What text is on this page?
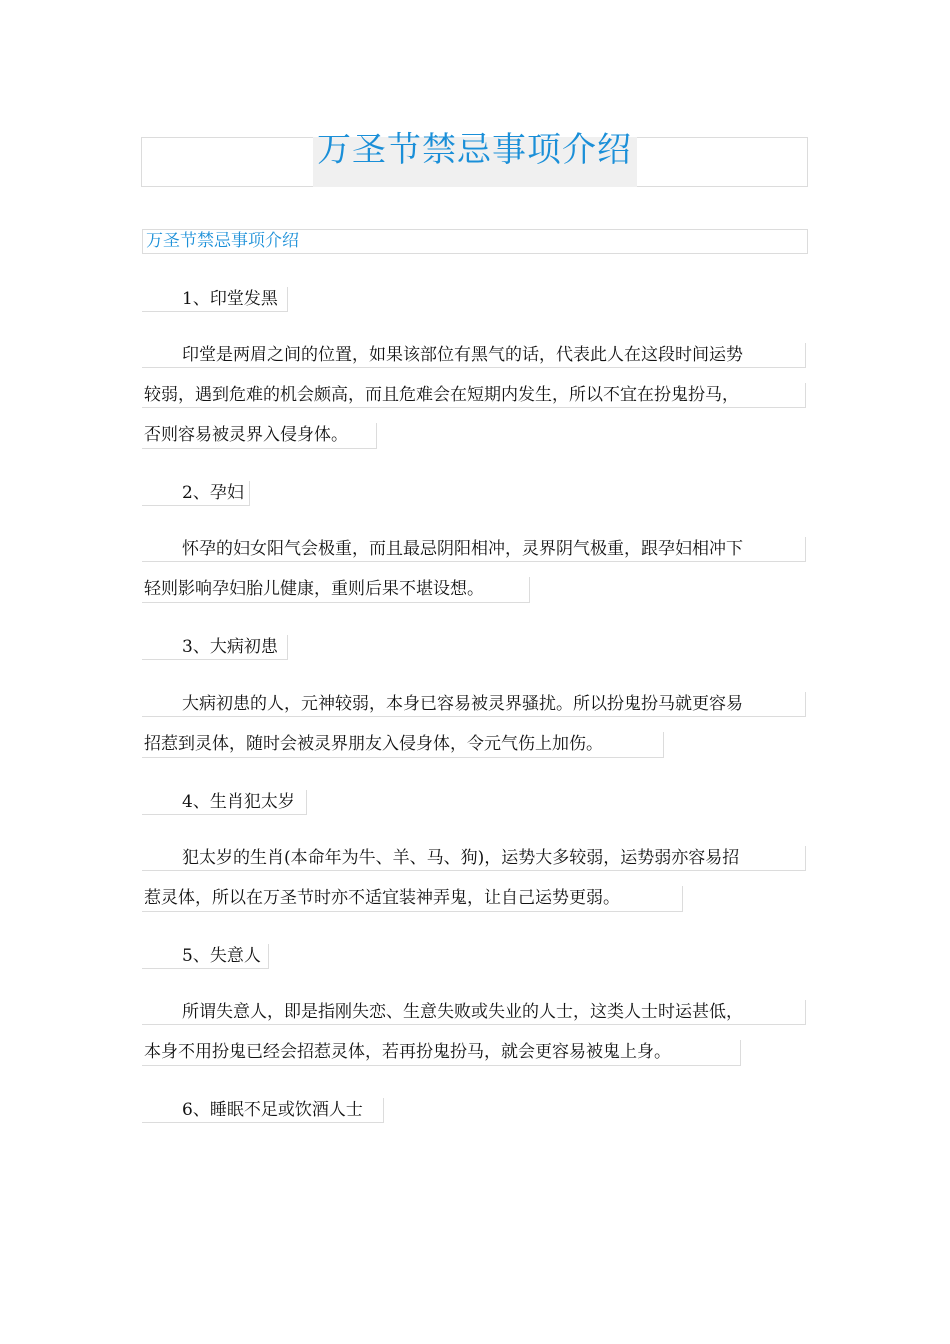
万圣节禁忌事项介绍
万圣节禁忌事项介绍
1、印堂发黑
印堂是两眉之间的位置，如果该部位有黑气的话，代表此人在这段时间运势
较弱，遇到危难的机会颇高，而且危难会在短期内发生，所以不宜在扮鬼扮马，
否则容易被灵界入侵身体。
2、孕妇
怀孕的妇女阳气会极重，而且最忌阴阳相冲，灵界阴气极重，跟孕妇相冲下
轻则影响孕妇胎儿健康，重则后果不堪设想。
3、大病初患
大病初患的人，元神较弱，本身已容易被灵界骚扰。所以扮鬼扮马就更容易
招惹到灵体，随时会被灵界朋友入侵身体，令元气伤上加伤。
4、生肖犯太岁
犯太岁的生肖(本命年为牛、羊、马、狗)，运势大多较弱，运势弱亦容易招
惹灵体，所以在万圣节时亦不适宜装神弄鬼，让自己运势更弱。
5、失意人
所谓失意人，即是指刚失恋、生意失败或失业的人士，这类人士时运甚低，
本身不用扮鬼已经会招惹灵体，若再扮鬼扮马，就会更容易被鬼上身。
6、睡眠不足或饮酒人士
